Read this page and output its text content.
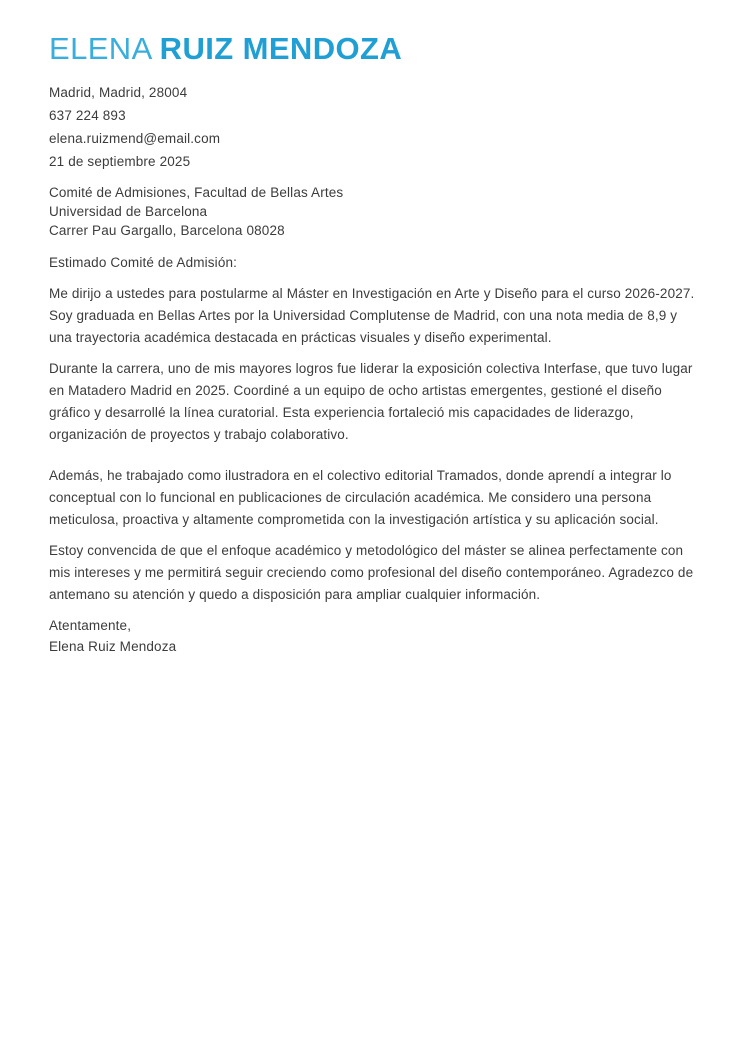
ELENA RUIZ MENDOZA
Madrid, Madrid, 28004
637 224 893
elena.ruizmend@email.com
21 de septiembre 2025
Comité de Admisiones, Facultad de Bellas Artes
Universidad de Barcelona
Carrer Pau Gargallo, Barcelona 08028
Estimado Comité de Admisión:

Me dirijo a ustedes para postularme al Máster en Investigación en Arte y Diseño para el curso 2026-2027. Soy graduada en Bellas Artes por la Universidad Complutense de Madrid, con una nota media de 8,9 y una trayectoria académica destacada en prácticas visuales y diseño experimental.

Durante la carrera, uno de mis mayores logros fue liderar la exposición colectiva Interfase, que tuvo lugar en Matadero Madrid en 2025. Coordiné a un equipo de ocho artistas emergentes, gestioné el diseño gráfico y desarrollé la línea curatorial. Esta experiencia fortaleció mis capacidades de liderazgo, organización de proyectos y trabajo colaborativo.

Además, he trabajado como ilustradora en el colectivo editorial Tramados, donde aprendí a integrar lo conceptual con lo funcional en publicaciones de circulación académica. Me considero una persona meticulosa, proactiva y altamente comprometida con la investigación artística y su aplicación social.

Estoy convencida de que el enfoque académico y metodológico del máster se alinea perfectamente con mis intereses y me permitirá seguir creciendo como profesional del diseño contemporáneo. Agradezco de antemano su atención y quedo a disposición para ampliar cualquier información.

Atentamente,
Elena Ruiz Mendoza
